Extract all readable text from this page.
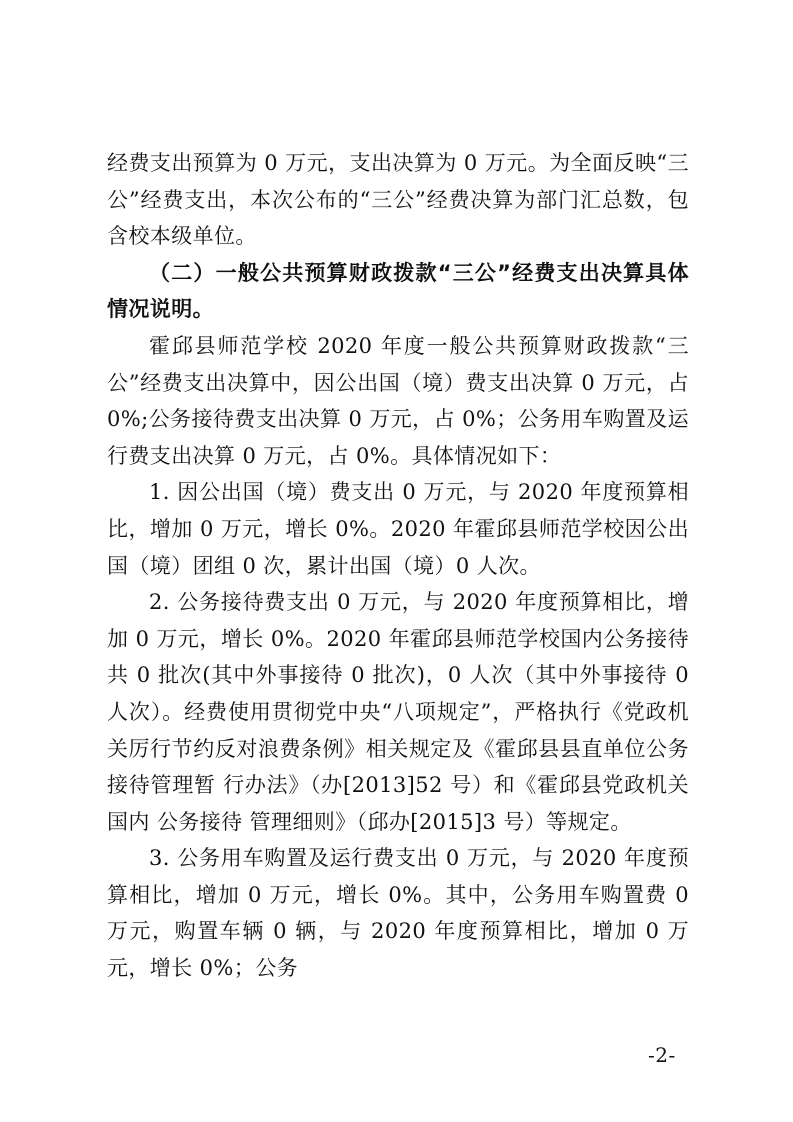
经费支出预算为 0 万元，支出决算为 0 万元。为全面反映“三公”经费支出，本次公布的“三公”经费决算为部门汇总数，包含校本级单位。

（二）一般公共预算财政拨款“三公”经费支出决算具体情况说明。

霍邱县师范学校 2020 年度一般公共预算财政拨款“三公”经费支出决算中，因公出国（境）费支出决算 0 万元，占 0%;公务接待费支出决算 0 万元，占 0%；公务用车购置及运行费支出决算 0 万元，占 0%。具体情况如下：

1. 因公出国（境）费支出 0 万元，与 2020 年度预算相比，增加 0 万元，增长 0%。2020 年霍邱县师范学校因公出国（境）团组 0 次，累计出国（境）0 人次。

2. 公务接待费支出 0 万元，与 2020 年度预算相比，增加 0 万元，增长 0%。2020 年霍邱县师范学校国内公务接待共 0 批次(其中外事接待 0 批次)，0 人次（其中外事接待 0 人次）。经费使用贯彻党中央“八项规定”，严格执行《党政机关厉行节约反对浪费条例》相关规定及《霍邱县县直单位公务 接待管理暂 行办法》（办[2013]52 号）和《霍邱县党政机关国内 公务接待 管理细则》（邱办[2015]3 号）等规定。

3. 公务用车购置及运行费支出 0 万元，与 2020 年度预算相比，增加 0 万元，增长 0%。其中，公务用车购置费 0 万元，购置车辆 0 辆，与 2020 年度预算相比，增加 0 万元，增长 0%；公务

-2-
